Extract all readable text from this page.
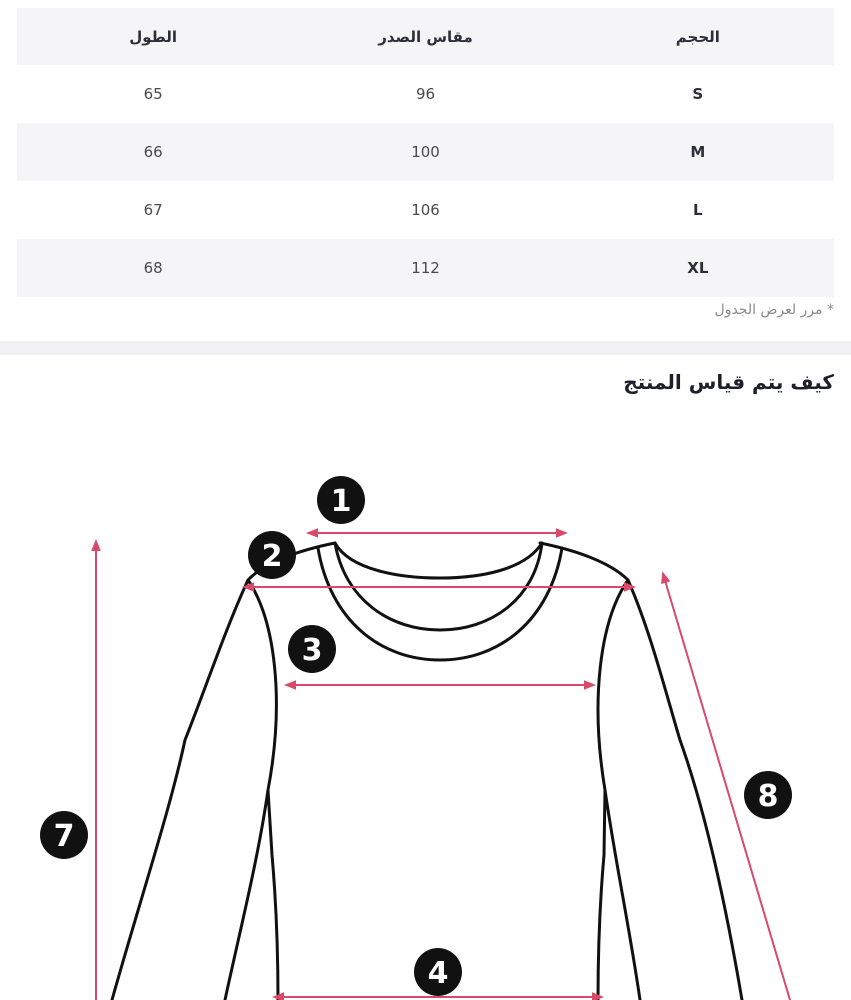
الحجم	مقاس الصدر	الطول
S	96	65
M	100	66
L	106	67
XL	112	68
* مرر لعرض الجدول
كيف يتم قياس المنتج
1
2
3
4
7
8
